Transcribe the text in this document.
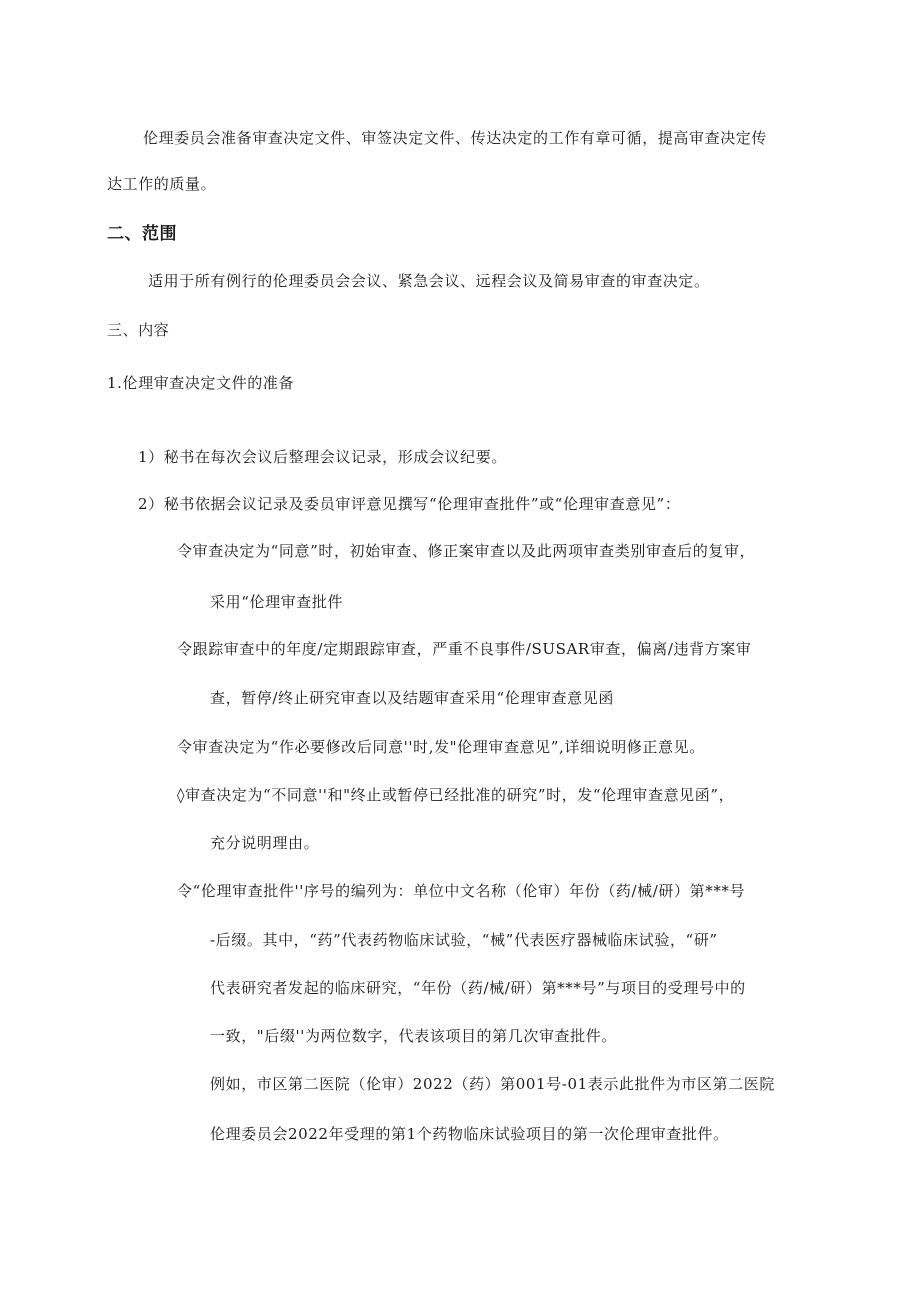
伦理委员会准备审查决定文件、审签决定文件、传达决定的工作有章可循，提高审查决定传
达工作的质量。
二、范围
适用于所有例行的伦理委员会会议、紧急会议、远程会议及简易审查的审查决定。
三、内容
1.伦理审查决定文件的准备
1）秘书在每次会议后整理会议记录，形成会议纪要。
2）秘书依据会议记录及委员审评意见撰写“伦理审查批件”或“伦理审查意见”：
令审查决定为“同意”时，初始审查、修正案审查以及此两项审查类别审查后的复审，
采用“伦理审查批件
令跟踪审查中的年度/定期跟踪审查，严重不良事件/SUSAR审查，偏离/违背方案审
查，暂停/终止研究审查以及结题审查采用“伦理审查意见函
令审查决定为“作必要修改后同意''时,发"伦理审查意见”,详细说明修正意见。
◊审查决定为“不同意''和"终止或暂停已经批准的研究”时，发“伦理审查意见函”，
充分说明理由。
令“伦理审查批件''序号的编列为：单位中文名称（伦审）年份（药/械/研）第***号
-后缀。其中，“药”代表药物临床试验，“械”代表医疗器械临床试验，“研”
代表研究者发起的临床研究，“年份（药/械/研）第***号”与项目的受理号中的
一致，"后缀''为两位数字，代表该项目的第几次审查批件。
例如，市区第二医院（伦审）2022（药）第001号-01表示此批件为市区第二医院
伦理委员会2022年受理的第1个药物临床试验项目的第一次伦理审查批件。
